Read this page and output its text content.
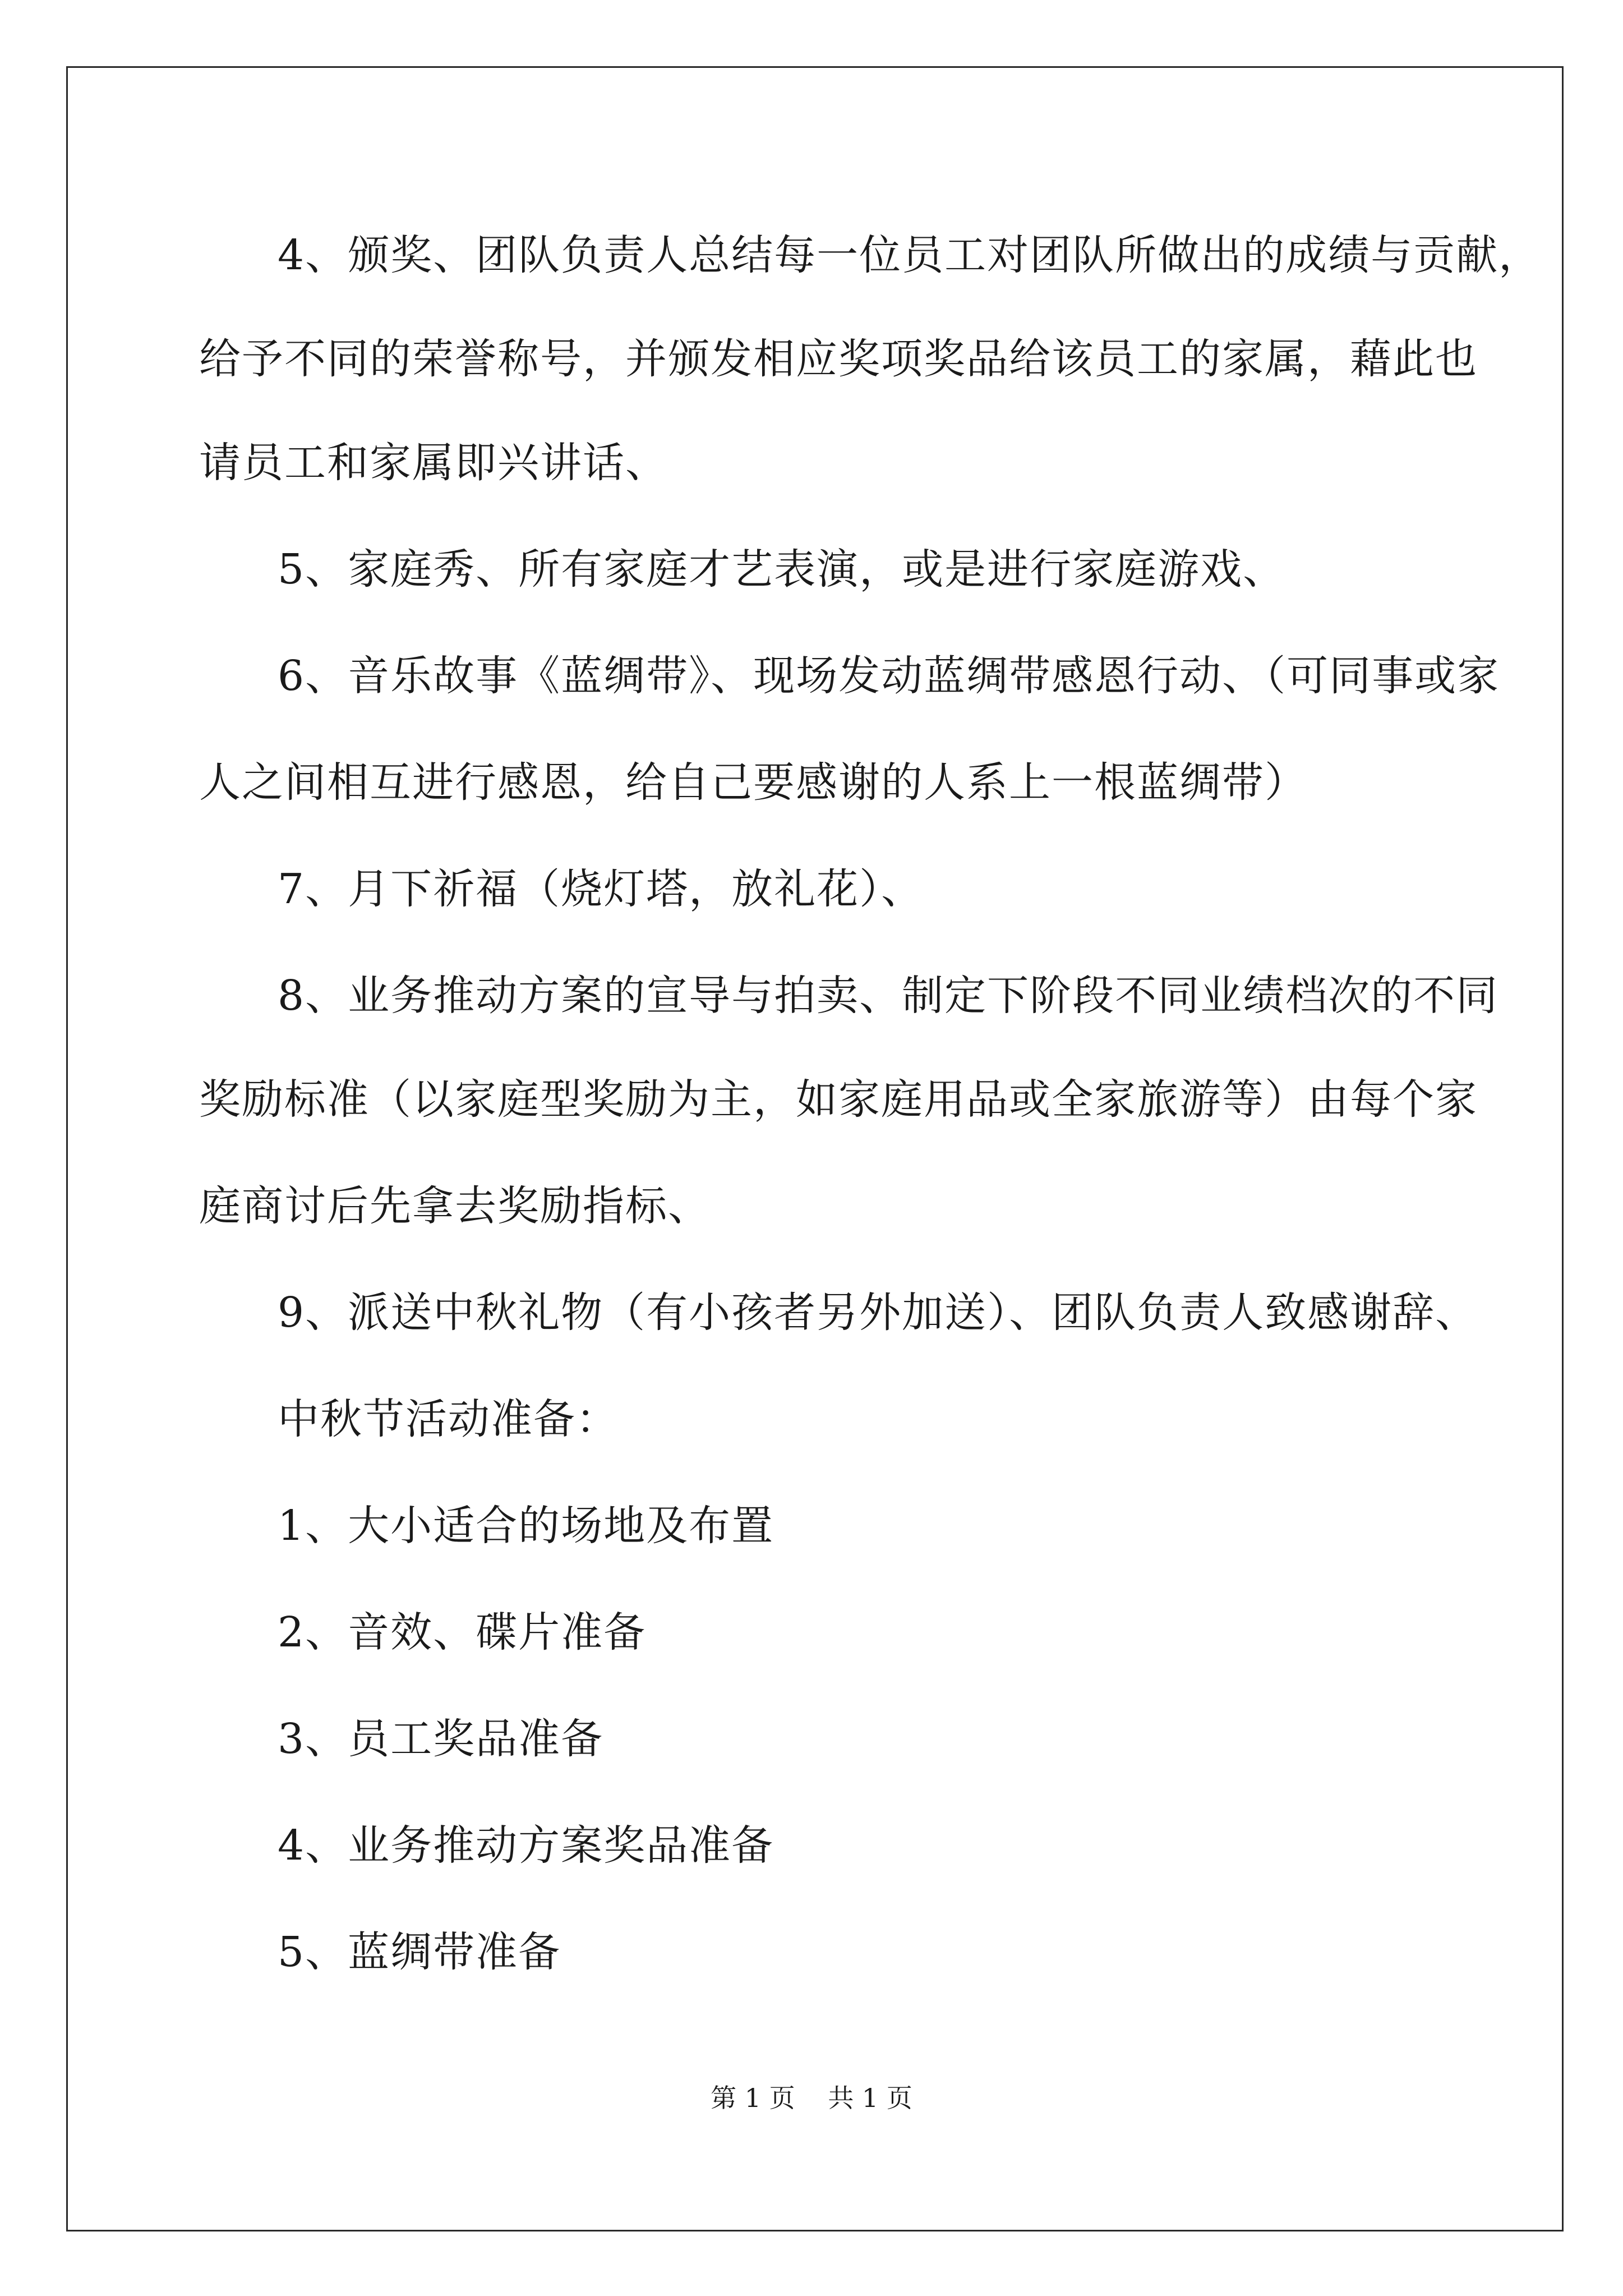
4、颁奖、团队负责人总结每一位员工对团队所做出的成绩与贡献，
给予不同的荣誉称号，并颁发相应奖项奖品给该员工的家属，藉此也
请员工和家属即兴讲话、
5、家庭秀、所有家庭才艺表演，或是进行家庭游戏、
6、音乐故事《蓝绸带》、现场发动蓝绸带感恩行动、（可同事或家
人之间相互进行感恩，给自己要感谢的人系上一根蓝绸带）
7、月下祈福（烧灯塔，放礼花）、
8、业务推动方案的宣导与拍卖、制定下阶段不同业绩档次的不同
奖励标准（以家庭型奖励为主，如家庭用品或全家旅游等）由每个家
庭商讨后先拿去奖励指标、
9、派送中秋礼物（有小孩者另外加送）、团队负责人致感谢辞、
中秋节活动准备：
1、大小适合的场地及布置
2、音效、碟片准备
3、员工奖品准备
4、业务推动方案奖品准备
5、蓝绸带准备
第 1 页 共 1 页
